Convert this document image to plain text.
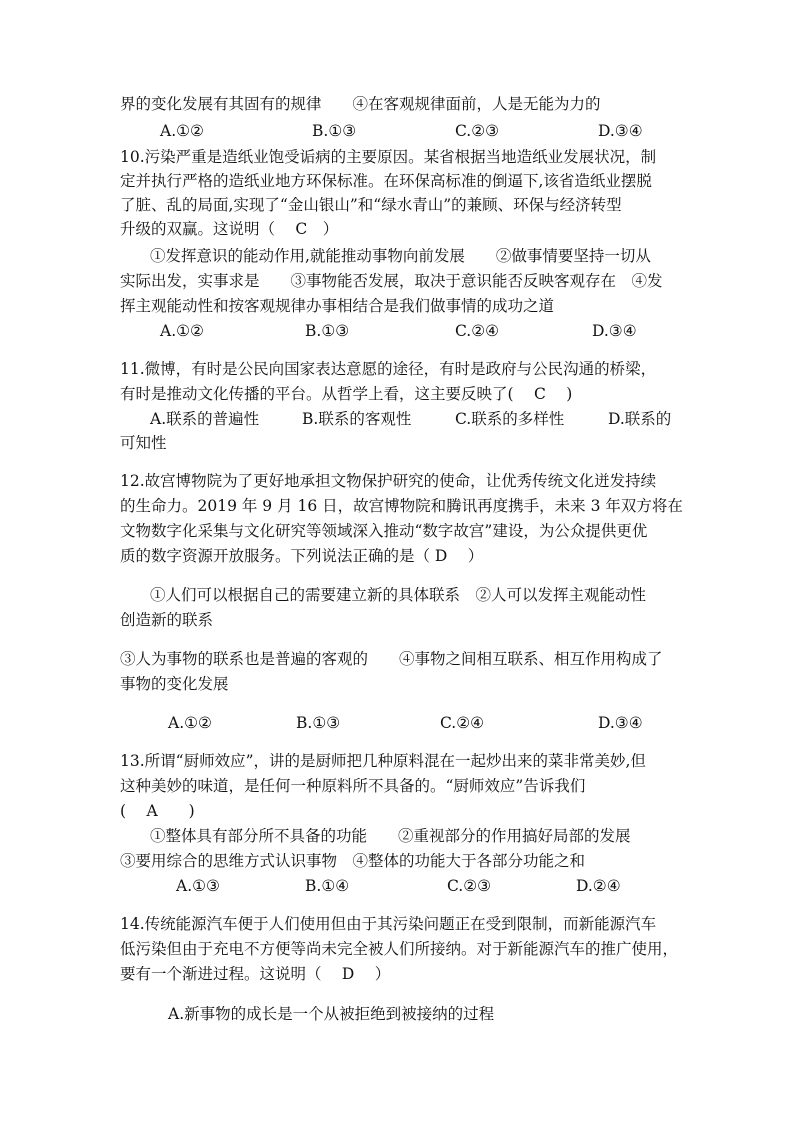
界的变化发展有其固有的规律　　④在客观规律面前，人是无能为力的
A.①②	B.①③	C.②③	D.③④
10.污染严重是造纸业饱受诟病的主要原因。某省根据当地造纸业发展状况，制
定并执行严格的造纸业地方环保标准。在环保高标准的倒逼下,该省造纸业摆脱
了脏、乱的局面,实现了“金山银山”和“绿水青山”的兼顾、环保与经济转型
升级的双赢。这说明（　 C　）
①发挥意识的能动作用,就能推动事物向前发展　　②做事情要坚持一切从
实际出发，实事求是　　③事物能否发展，取决于意识能否反映客观存在　④发
挥主观能动性和按客观规律办事相结合是我们做事情的成功之道
A.①②	B.①③	C.②④	D.③④
11.微博，有时是公民向国家表达意愿的途径，有时是政府与公民沟通的桥梁，
有时是推动文化传播的平台。从哲学上看，这主要反映了(　 C　 )
A.联系的普遍性	B.联系的客观性	C.联系的多样性	D.联系的
可知性
12.故宫博物院为了更好地承担文物保护研究的使命，让优秀传统文化迸发持续
的生命力。2019 年 9 月 16 日，故宫博物院和腾讯再度携手，未来 3 年双方将在
文物数字化采集与文化研究等领域深入推动“数字故宫”建设，为公众提供更优
质的数字资源开放服务。下列说法正确的是（ D　 ）
①人们可以根据自己的需要建立新的具体联系　②人可以发挥主观能动性
创造新的联系
③人为事物的联系也是普遍的客观的　　④事物之间相互联系、相互作用构成了
事物的变化发展
A.①②	B.①③	C.②④	D.③④
13.所谓“厨师效应”，讲的是厨师把几种原料混在一起炒出来的菜非常美妙,但
这种美妙的味道，是任何一种原料所不具备的。“厨师效应”告诉我们
(　 A　　)
①整体具有部分所不具备的功能　　②重视部分的作用搞好局部的发展
③要用综合的思维方式认识事物　④整体的功能大于各部分功能之和
A.①③	B.①④	C.②③	D.②④
14.传统能源汽车便于人们使用但由于其污染问题正在受到限制，而新能源汽车
低污染但由于充电不方便等尚未完全被人们所接纳。对于新能源汽车的推广使用，
要有一个渐进过程。这说明（　 D　 ）
A.新事物的成长是一个从被拒绝到被接纳的过程
